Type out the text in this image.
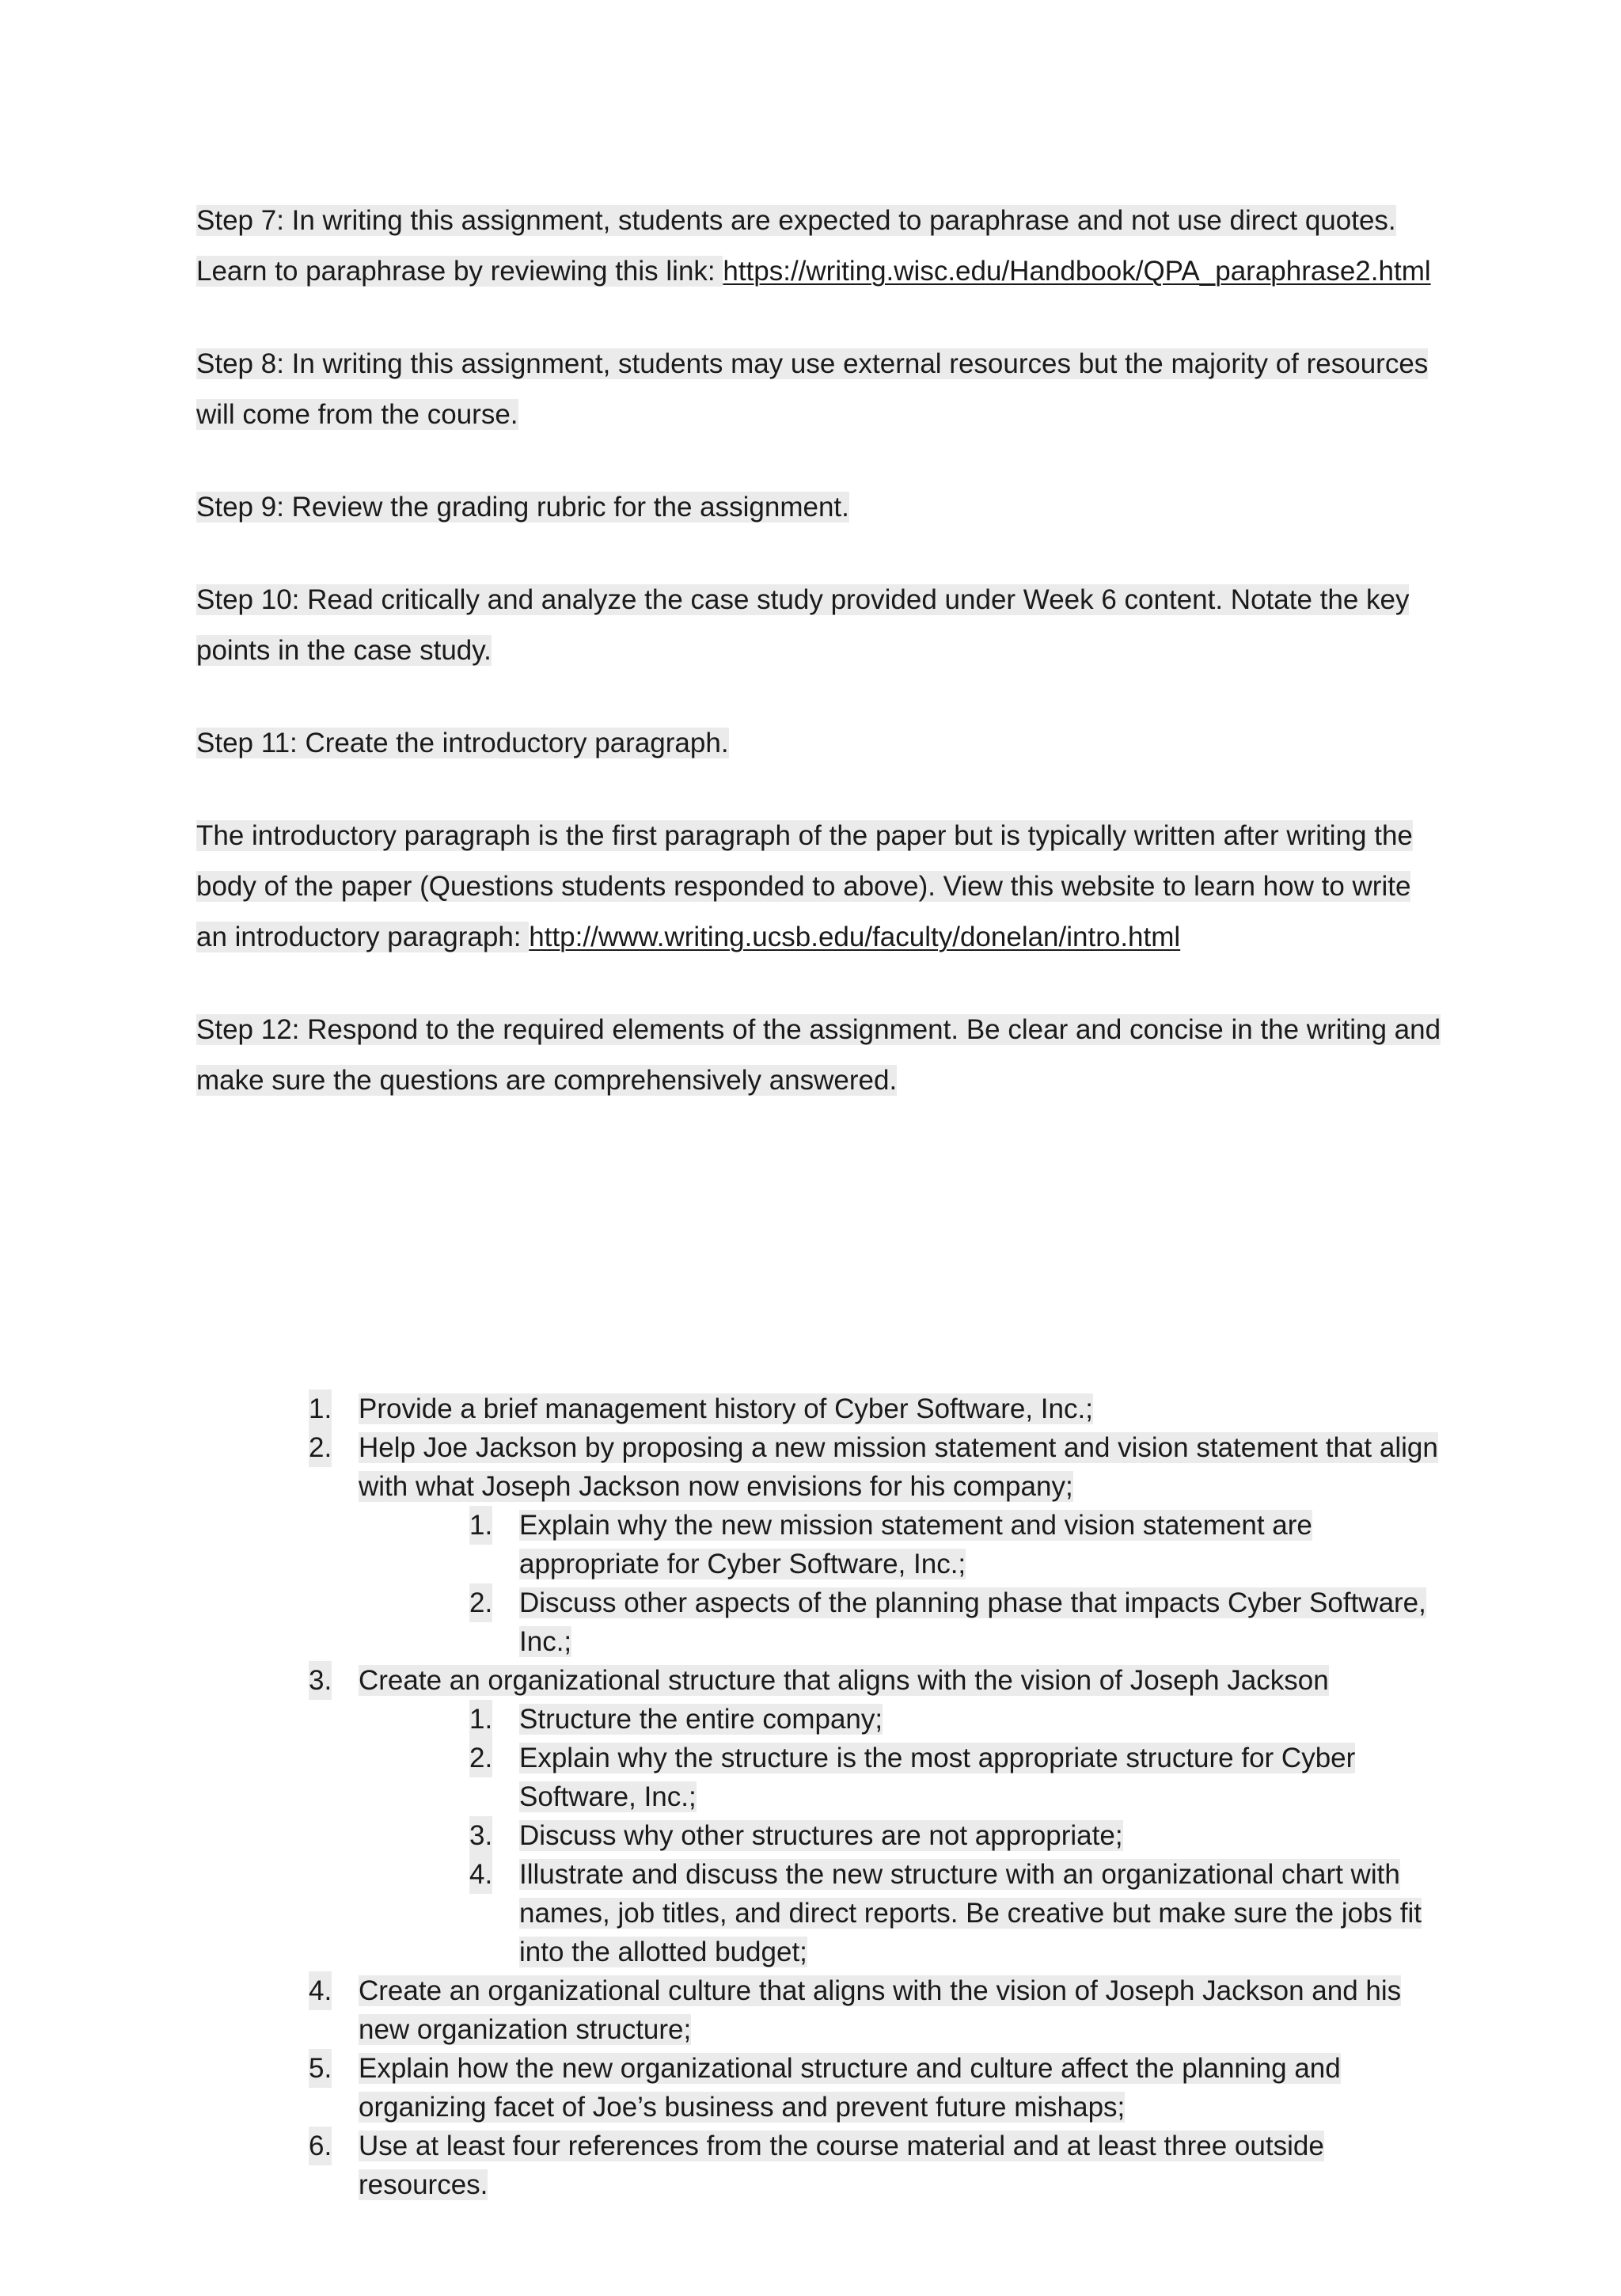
Step 7: In writing this assignment, students are expected to paraphrase and not use direct quotes. Learn to paraphrase by reviewing this link: https://writing.wisc.edu/Handbook/QPA_paraphrase2.html

Step 8: In writing this assignment, students may use external resources but the majority of resources will come from the course.

Step 9: Review the grading rubric for the assignment.

Step 10: Read critically and analyze the case study provided under Week 6 content. Notate the key points in the case study.

Step 11: Create the introductory paragraph.

The introductory paragraph is the first paragraph of the paper but is typically written after writing the body of the paper (Questions students responded to above). View this website to learn how to write an introductory paragraph: http://www.writing.ucsb.edu/faculty/donelan/intro.html

Step 12: Respond to the required elements of the assignment. Be clear and concise in the writing and make sure the questions are comprehensively answered.

1. Provide a brief management history of Cyber Software, Inc.;
2. Help Joe Jackson by proposing a new mission statement and vision statement that align with what Joseph Jackson now envisions for his company;
1. Explain why the new mission statement and vision statement are appropriate for Cyber Software, Inc.;
2. Discuss other aspects of the planning phase that impacts Cyber Software, Inc.;
3. Create an organizational structure that aligns with the vision of Joseph Jackson
1. Structure the entire company;
2. Explain why the structure is the most appropriate structure for Cyber Software, Inc.;
3. Discuss why other structures are not appropriate;
4. Illustrate and discuss the new structure with an organizational chart with names, job titles, and direct reports. Be creative but make sure the jobs fit into the allotted budget;
4. Create an organizational culture that aligns with the vision of Joseph Jackson and his new organization structure;
5. Explain how the new organizational structure and culture affect the planning and organizing facet of Joe’s business and prevent future mishaps;
6. Use at least four references from the course material and at least three outside resources.
